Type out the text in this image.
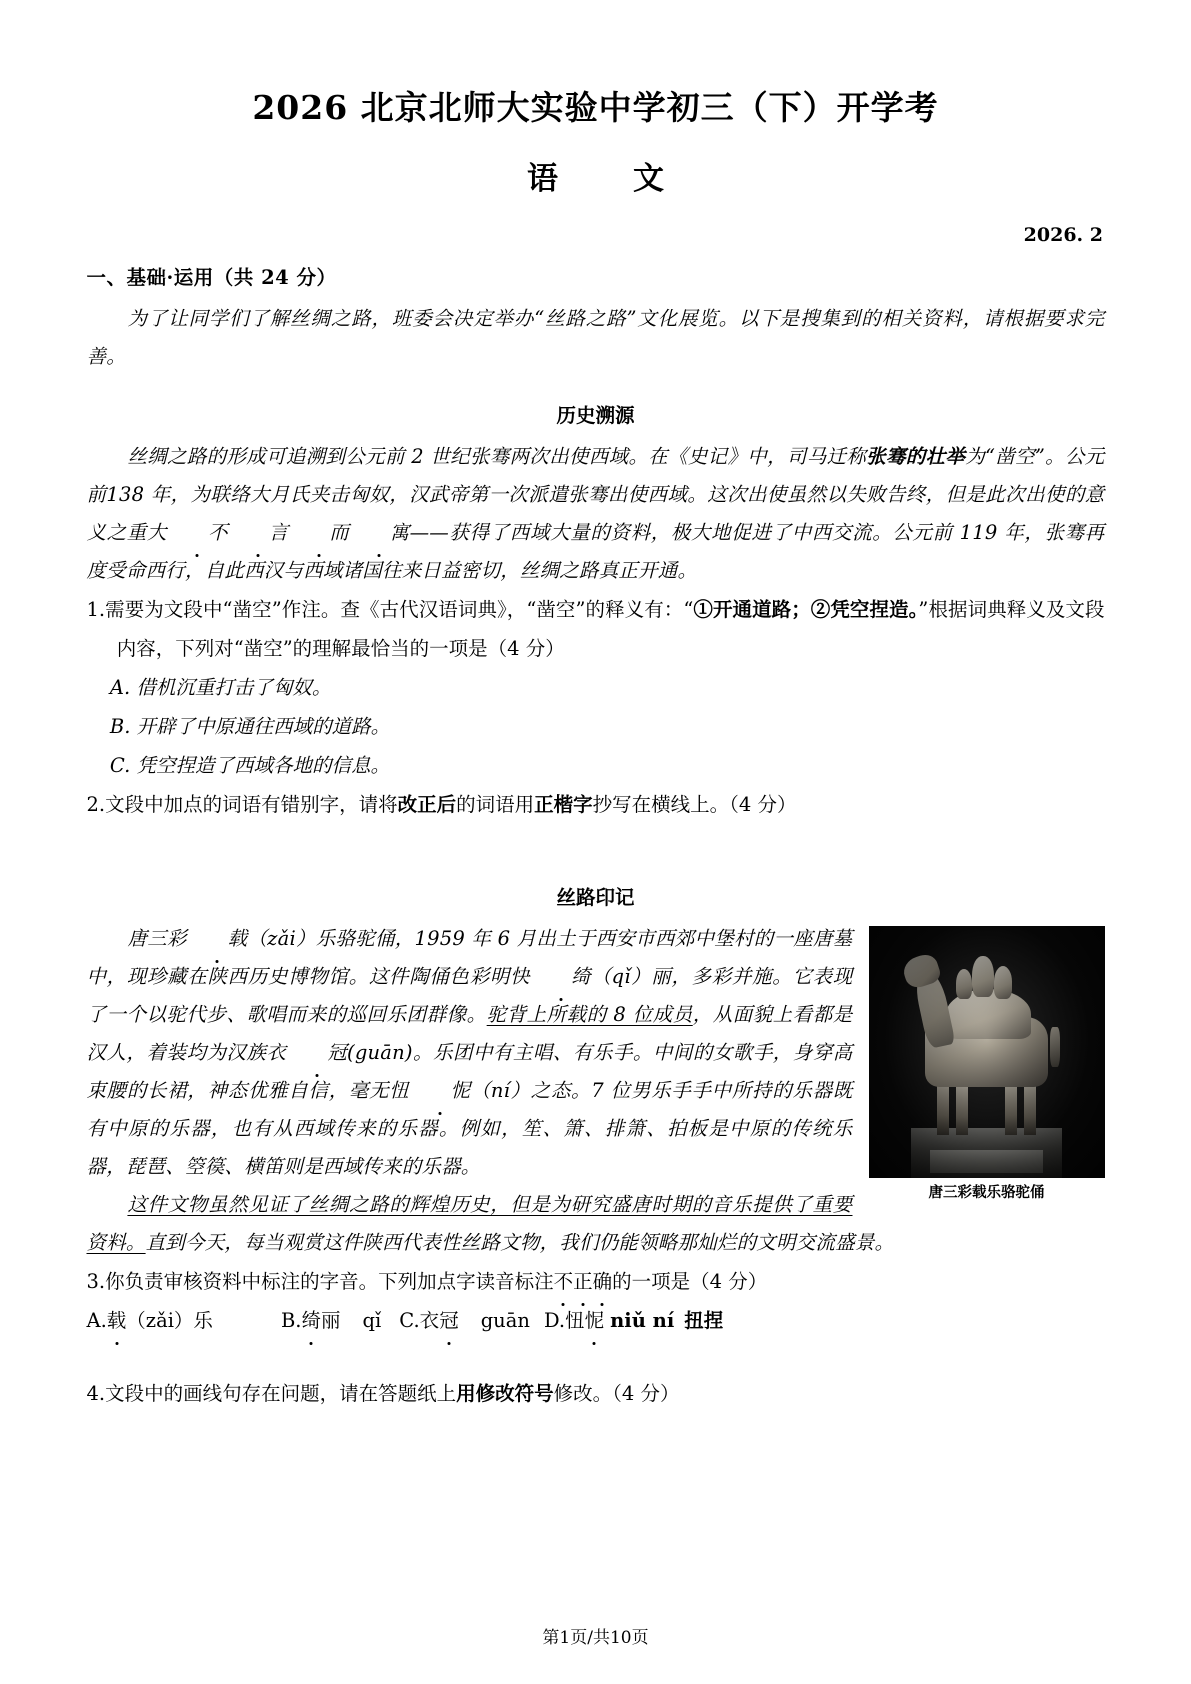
2026 北京北师大实验中学初三（下）开学考
语　文
2026. 2
一、基础·运用（共 24 分）

为了让同学们了解丝绸之路，班委会决定举办“丝路之路”文化展览。以下是搜集到的相关资料，请根据要求完善。

历史溯源

丝绸之路的形成可追溯到公元前 2 世纪张骞两次出使西域。在《史记》中，司马迁称张骞的壮举为“凿空”。公元前138 年，为联络大月氏夹击匈奴，汉武帝第一次派遣张骞出使西域。这次出使虽然以失败告终，但是此次出使的意义之重大 不 言 而 寓——获得了西域大量的资料，极大地促进了中西交流。公元前 119 年，张骞再度受命西行，自此西汉与西域诸国往来日益密切，丝绸之路真正开通。

1.需要为文段中“凿空”作注。查《古代汉语词典》，“凿空”的释义有：“①开通道路；②凭空捏造。”根据词典释义及文段内容，下列对“凿空”的理解最恰当的一项是（4 分）

A. 借机沉重打击了匈奴。

B. 开辟了中原通往西域的道路。

C. 凭空捏造了西域各地的信息。

2.文段中加点的词语有错别字，请将改正后的词语用正楷字抄写在横线上。（4 分）

丝路印记
唐三彩载乐骆驼俑

唐三彩 载（zǎi）乐骆驼俑，1959 年 6 月出土于西安市西郊中堡村的一座唐墓中，现珍藏在陕西历史博物馆。这件陶俑色彩明快 绮（qǐ）丽，多彩并施。它表现了一个以驼代步、歌唱而来的巡回乐团群像。驼背上所载的 8 位成员，从面貌上看都是汉人，着装均为汉族衣 冠(guān)。乐团中有主唱、有乐手。中间的女歌手，身穿高束腰的长裙，神态优雅自信，毫无忸 怩（ní）之态。7 位男乐手手中所持的乐器既有中原的乐器，也有从西域传来的乐器。例如，笙、箫、排箫、拍板是中原的传统乐器，琵琶、箜篌、横笛则是西域传来的乐器。

这件文物虽然见证了丝绸之路的辉煌历史，但是为研究盛唐时期的音乐提供了重要资料。直到今天，每当观赏这件陕西代表性丝路文物，我们仍能领略那灿烂的文明交流盛景。

3.你负责审核资料中标注的字音。下列加点字读音标注不正确的一项是（4 分）

A.载（zǎi）乐	B.绮丽 qǐ C.衣冠 guān D.忸怩 niǔ ní 扭捏

4.文段中的画线句存在问题，请在答题纸上用修改符号修改。（4 分）

第1页/共10页
